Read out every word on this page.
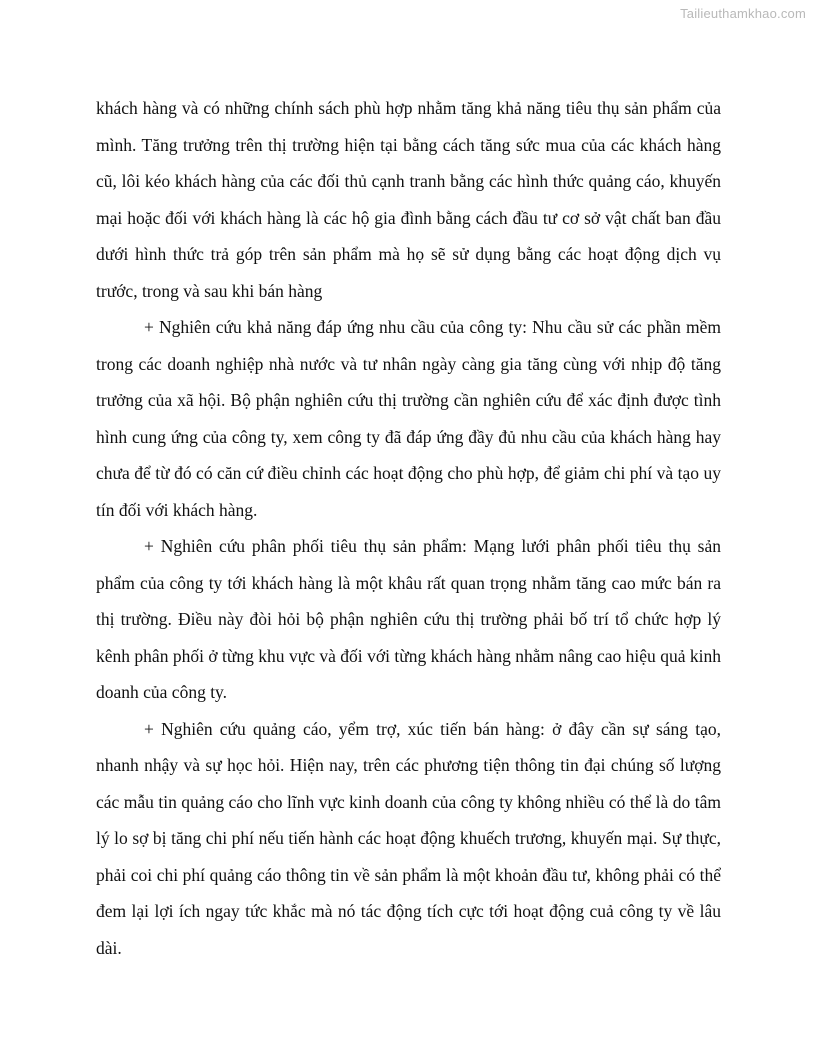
Tailieuthamkhao.com

khách hàng và có những chính sách phù hợp nhằm tăng khả năng tiêu thụ sản phẩm của mình. Tăng trưởng trên thị trường hiện tại bằng cách tăng sức mua của các khách hàng cũ, lôi kéo khách hàng của các đối thủ cạnh tranh bằng các hình thức quảng cáo, khuyến mại hoặc đối với khách hàng là các hộ gia đình bằng cách đầu tư cơ sở vật chất ban đầu dưới hình thức trả góp trên sản phẩm mà họ sẽ sử dụng bằng các hoạt động dịch vụ trước, trong và sau khi bán hàng

+ Nghiên cứu khả năng đáp ứng nhu cầu của công ty: Nhu cầu sử các phần mềm trong các doanh nghiệp nhà nước và tư nhân ngày càng gia tăng cùng với nhịp độ tăng trưởng của xã hội. Bộ phận nghiên cứu thị trường cần nghiên cứu để xác định được tình hình cung ứng của công ty, xem công ty đã đáp ứng đầy đủ nhu cầu của khách hàng hay chưa để từ đó có căn cứ điều chỉnh các hoạt động cho phù hợp, để giảm chi phí và tạo uy tín đối với khách hàng.

+ Nghiên cứu phân phối tiêu thụ sản phẩm: Mạng lưới phân phối tiêu thụ sản phẩm của công ty tới khách hàng là một khâu rất quan trọng nhằm tăng cao mức bán ra thị trường. Điều này đòi hỏi bộ phận nghiên cứu thị trường phải bố trí tổ chức hợp lý kênh phân phối ở từng khu vực và đối với từng khách hàng nhằm nâng cao hiệu quả kinh doanh của công ty.

+ Nghiên cứu quảng cáo, yểm trợ, xúc tiến bán hàng: ở đây cần sự sáng tạo, nhanh nhậy và sự học hỏi. Hiện nay, trên các phương tiện thông tin đại chúng số lượng các mẫu tin quảng cáo cho lĩnh vực kinh doanh của công ty không nhiều có thể là do tâm lý lo sợ bị tăng chi phí nếu tiến hành các hoạt động khuếch trương, khuyến mại. Sự thực, phải coi chi phí quảng cáo thông tin về sản phẩm là một khoản đầu tư, không phải có thể đem lại lợi ích ngay tức khắc mà nó tác động tích cực tới hoạt động cuả công ty về lâu dài.
